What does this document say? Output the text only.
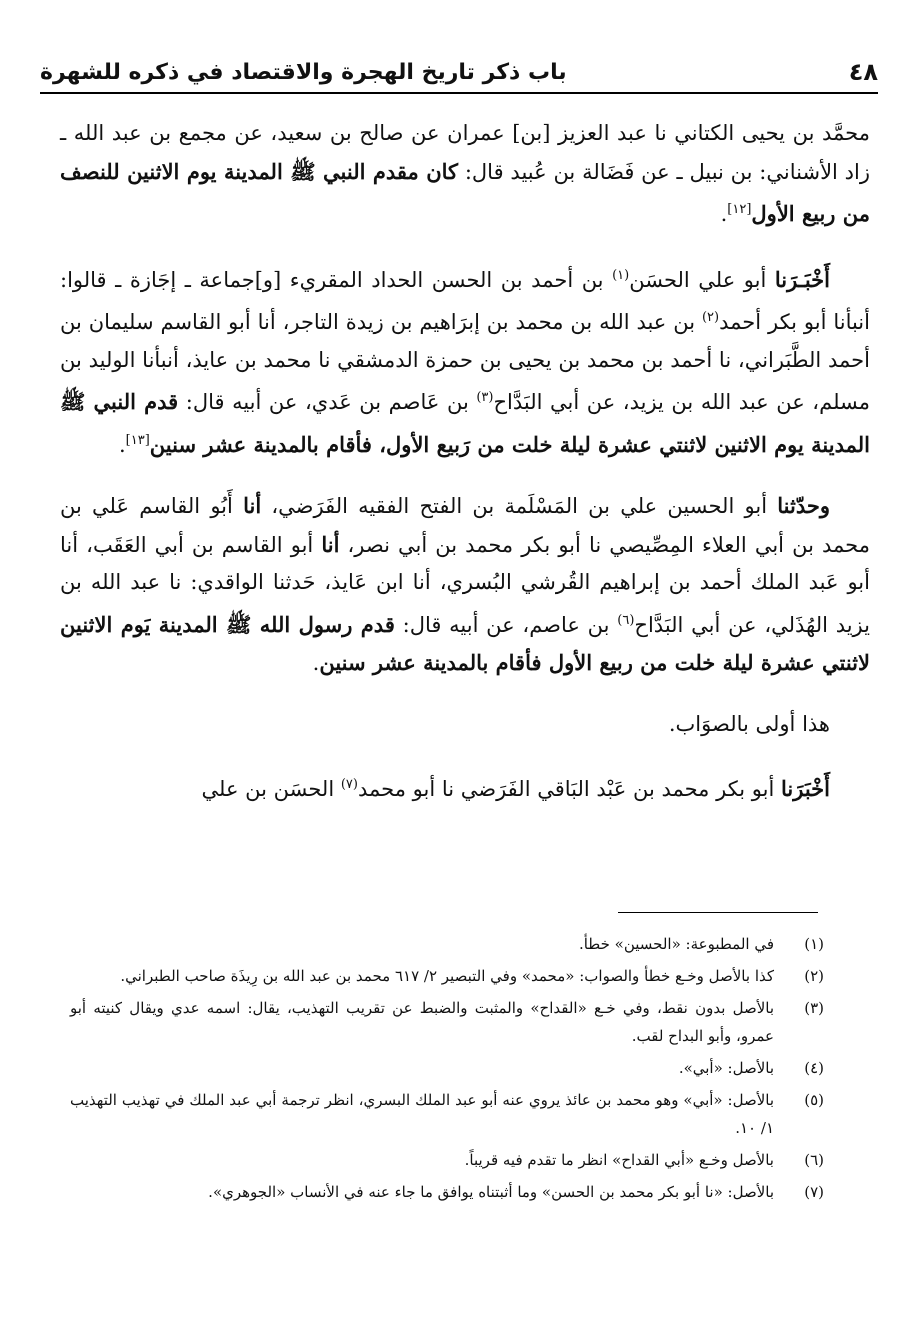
٤٨
باب ذكر تاريخ الهجرة والاقتصاد في ذكره للشهرة

محمَّد بن يحيى الكتاني نا عبد العزيز [بن] عمران عن صالح بن سعيد، عن مجمع بن عبد الله ـ زاد الأشناني: بن نبيل ـ عن فَضَالة بن عُبيد قال: كان مقدم النبي ﷺ المدينة يوم الاثنين للنصف من ربيع الأول[١٢].

أَخْبَـرَنا أبو علي الحسَن$^{(١)}$ بن أحمد بن الحسن الحداد المقريء [و]جماعة ـ إجَازة ـ قالوا: أنبأنا أبو بكر أحمد$^{(٢)}$ بن عبد الله بن محمد بن إبرَاهيم بن زيدة التاجر، أنا أبو القاسم سليمان بن أحمد الطَّبَراني، نا أحمد بن محمد بن يحيى بن حمزة الدمشقي نا محمد بن عايذ، أنبأنا الوليد بن مسلم، عن عبد الله بن يزيد، عن أبي البَدَّاح$^{(٣)}$ بن عَاصم بن عَدي، عن أبيه قال: قدم النبي ﷺ المدينة يوم الاثنين لاثنتي عشرة ليلة خلت من رَبيع الأول، فأقام بالمدينة عشر سنين[١٣].

وحدّثنا أبو الحسين علي بن المَسْلَمة بن الفتح الفقيه الفَرَضي، أنا أَبُو القاسم عَلي بن محمد بن أبي العلاء المِصِّيصي نا أبو بكر محمد بن أبي نصر، أنا أبو القاسم بن أبي العَقَب، أنا أبو عَبد الملك أحمد بن إبراهيم القُرشي البُسري، أنا ابن عَايذ، حَدثنا الواقدي: نا عبد الله بن يزيد الهُذَلي، عن أبي البَدَّاح$^{(٦)}$ بن عاصم، عن أبيه قال: قدم رسول الله ﷺ المدينة يَوم الاثنين لاثنتي عشرة ليلة خلت من ربيع الأول فأقام بالمدينة عشر سنين.

هذا أولى بالصوَاب.

أَخْبَرَنا أبو بكر محمد بن عَبْد البَاقي الفَرَضي نا أبو محمد$^{(٧)}$ الحسَن بن علي

(١)
في المطبوعة: «الحسين» خطأ.
(٢)
كذا بالأصل وخـع خطأ والصواب: «محمد» وفي التبصير ٢/ ٦١٧ محمد بن عبد الله بن رِيذَة صاحب الطبراني.
(٣)
بالأصل بدون نقط، وفي خـع «القداح» والمثبت والضبط عن تقريب التهذيب، يقال: اسمه عدي ويقال كنيته أبو عمرو، وأبو البداح لقب.
(٤)
بالأصل: «أبي».
(٥)
بالأصل: «أبي» وهو محمد بن عائذ يروي عنه أبو عبد الملك البسري، انظر ترجمة أبي عبد الملك في تهذيب التهذيب ١/ ١٠.
(٦)
بالأصل وخـع «أبي القداح» انظر ما تقدم فيه قريباً.
(٧)
بالأصل: «نا أبو بكر محمد بن الحسن» وما أثبتناه يوافق ما جاء عنه في الأنساب «الجوهري».
